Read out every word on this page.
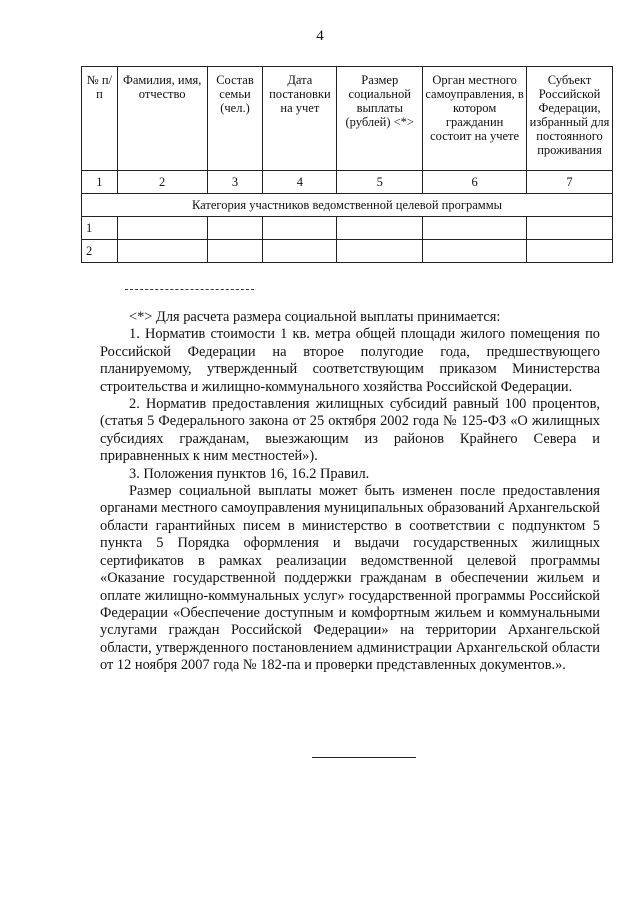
4
№ п/п	Фамилия, имя, отчество	Состав семьи (чел.)	Дата постановки на учет	Размер социальной выплаты (рублей) <*>	Орган местного самоуправления, в котором гражданин состоит на учете	Субъект Российской Федерации, избранный для постоянного проживания
1	2	3	4	5	6	7
Категория участников ведомственной целевой программы						
1						
2						

<*> Для расчета размера социальной выплаты принимается:

1. Норматив стоимости 1 кв. метра общей площади жилого помещения по Российской Федерации на второе полугодие года, предшествующего планируемому, утвержденный соответствующим приказом Министерства строительства и жилищно-коммунального хозяйства Российской Федерации.

2. Норматив предоставления жилищных субсидий равный 100 процентов, (статья 5 Федерального закона от 25 октября 2002 года № 125-ФЗ «О жилищных субсидиях гражданам, выезжающим из районов Крайнего Севера и приравненных к ним местностей»).

3. Положения пунктов 16, 16.2 Правил.

Размер социальной выплаты может быть изменен после предоставления органами местного самоуправления муниципальных образований Архангельской области гарантийных писем в министерство в соответствии с подпунктом 5 пункта 5 Порядка оформления и выдачи государственных жилищных сертификатов в рамках реализации ведомственной целевой программы «Оказание государственной поддержки гражданам в обеспечении жильем и оплате жилищно-коммунальных услуг» государственной программы Российской Федерации «Обеспечение доступным и комфортным жильем и коммунальными услугами граждан Российской Федерации» на территории Архангельской области, утвержденного постановлением администрации Архангельской области от 12 ноября 2007 года № 182-па и проверки представленных документов.».
